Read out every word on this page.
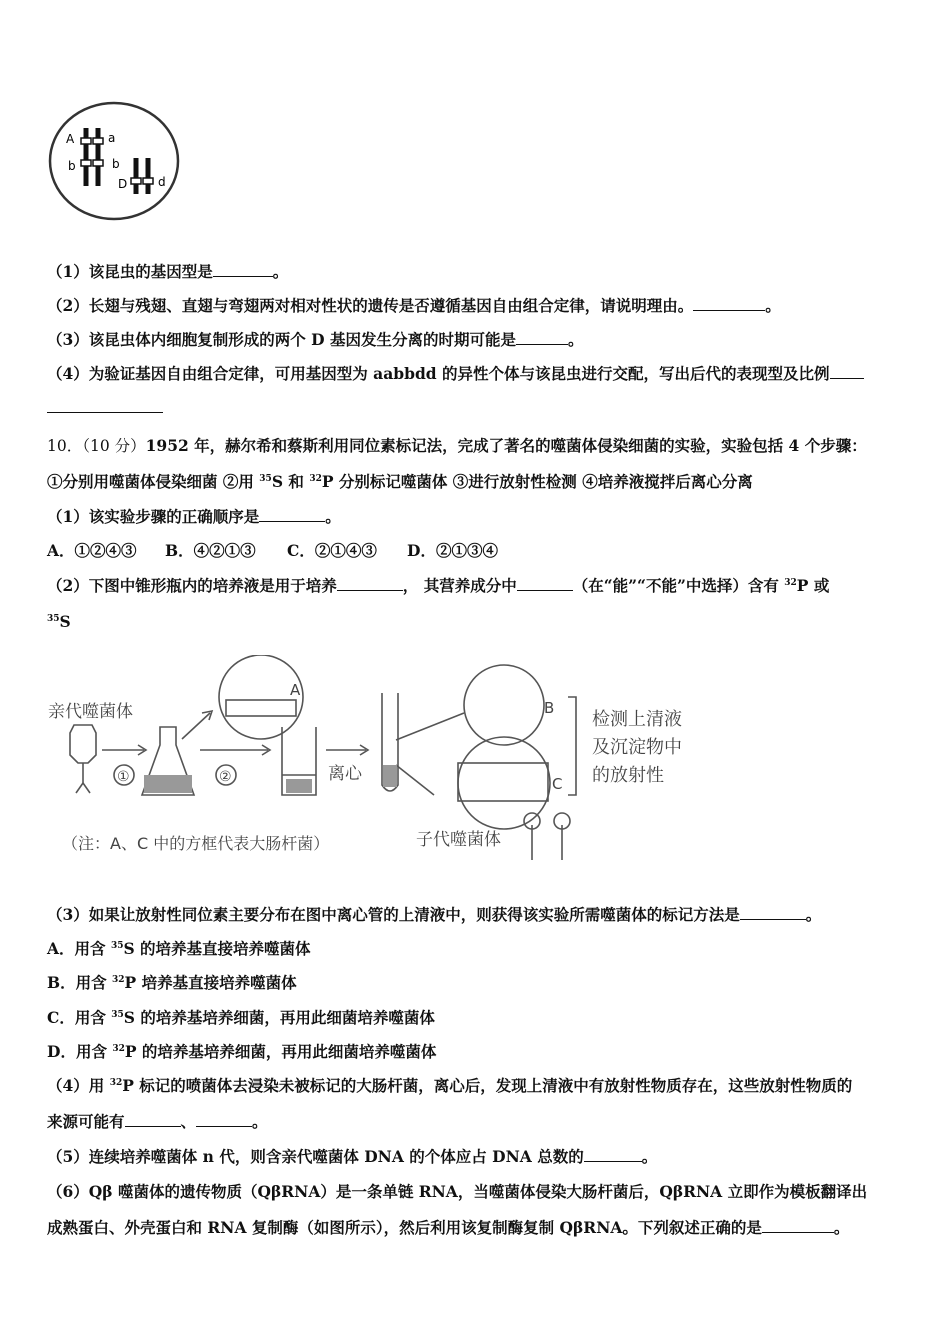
A	a
b	b
D	d
（1）该昆虫的基因型是	。
（2）长翅与残翅、直翅与弯翅两对相对性状的遗传是否遵循基因自由组合定律，请说明理由。	。
（3）该昆虫体内细胞复制形成的两个 D 基因发生分离的时期可能是	。
（4）为验证基因自由组合定律，可用基因型为 aabbdd 的异性个体与该昆虫进行交配，写出后代的表现型及比例
10．（10 分）1952 年，赫尔希和蔡斯利用同位素标记法，完成了著名的噬菌体侵染细菌的实验，实验包括 4 个步骤：
①分别用噬菌体侵染细菌 ②用 $^{35}$S 和 $^{32}$P 分别标记噬菌体 ③进行放射性检测 ④培养液搅拌后离心分离
（1）该实验步骤的正确顺序是	。
A．①②④③ B．④②①③ C．②①④③ D．②①③④
（2）下图中锥形瓶内的培养液是用于培养	， 其营养成分中	（在“能”“不能”中选择）含有 $^{32}$P 或
$^{35}$S
亲代噬菌体
①	②	离心
A
B
C
检测上清液
及沉淀物中
的放射性
（注：A、C 中的方框代表大肠杆菌）	子代噬菌体
（3）如果让放射性同位素主要分布在图中离心管的上清液中，则获得该实验所需噬菌体的标记方法是	。
A．用含 $^{35}$S 的培养基直接培养噬菌体
B．用含 $^{32}$P 培养基直接培养噬菌体
C．用含 $^{35}$S 的培养基培养细菌，再用此细菌培养噬菌体
D．用含 $^{32}$P 的培养基培养细菌，再用此细菌培养噬菌体
（4）用 $^{32}$P 标记的喷菌体去浸染未被标记的大肠杆菌，离心后，发现上清液中有放射性物质存在，这些放射性物质的
来源可能有	、	。
（5）连续培养噬菌体 n 代，则含亲代噬菌体 DNA 的个体应占 DNA 总数的	。
（6）Qβ 噬菌体的遗传物质（QβRNA）是一条单链 RNA，当噬菌体侵染大肠杆菌后，QβRNA 立即作为模板翻译出
成熟蛋白、外壳蛋白和 RNA 复制酶（如图所示），然后利用该复制酶复制 QβRNA。下列叙述正确的是	。
